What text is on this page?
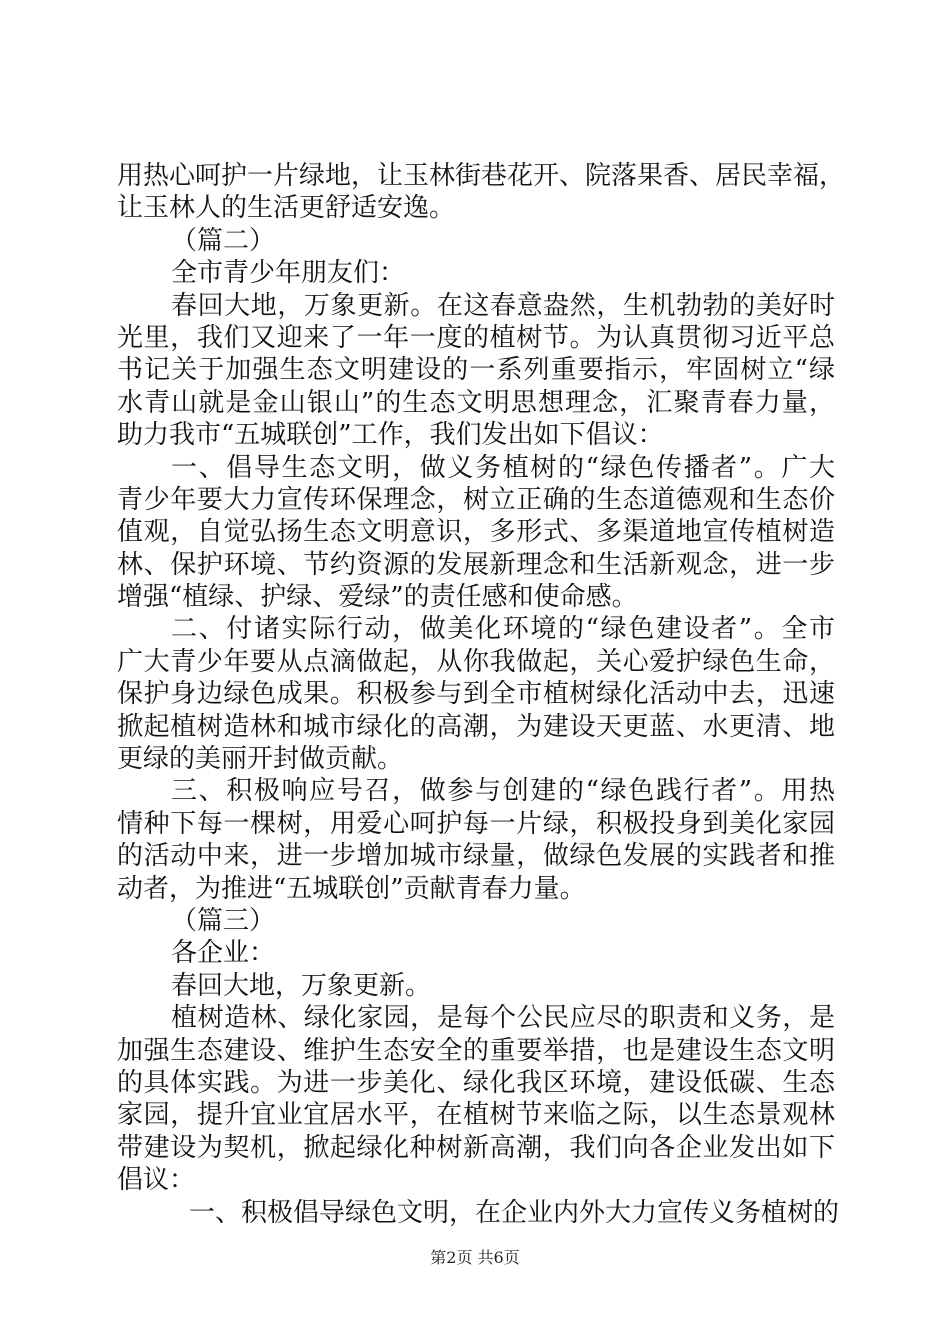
用热心呵护一片绿地，让玉林街巷花开、院落果香、居民幸福，
让玉林人的生活更舒适安逸。
（篇二）
全市青少年朋友们：
春回大地，万象更新。在这春意盎然，生机勃勃的美好时
光里，我们又迎来了一年一度的植树节。为认真贯彻习近平总
书记关于加强生态文明建设的一系列重要指示，牢固树立“绿
水青山就是金山银山”的生态文明思想理念，汇聚青春力量，
助力我市“五城联创”工作，我们发出如下倡议：
一、倡导生态文明，做义务植树的“绿色传播者”。广大
青少年要大力宣传环保理念，树立正确的生态道德观和生态价
值观，自觉弘扬生态文明意识，多形式、多渠道地宣传植树造
林、保护环境、节约资源的发展新理念和生活新观念，进一步
增强“植绿、护绿、爱绿”的责任感和使命感。
二、付诸实际行动，做美化环境的“绿色建设者”。全市
广大青少年要从点滴做起，从你我做起，关心爱护绿色生命，
保护身边绿色成果。积极参与到全市植树绿化活动中去，迅速
掀起植树造林和城市绿化的高潮，为建设天更蓝、水更清、地
更绿的美丽开封做贡献。
三、积极响应号召，做参与创建的“绿色践行者”。用热
情种下每一棵树，用爱心呵护每一片绿，积极投身到美化家园
的活动中来，进一步增加城市绿量，做绿色发展的实践者和推
动者，为推进“五城联创”贡献青春力量。
（篇三）
各企业：
春回大地，万象更新。
植树造林、绿化家园，是每个公民应尽的职责和义务，是
加强生态建设、维护生态安全的重要举措，也是建设生态文明
的具体实践。为进一步美化、绿化我区环境，建设低碳、生态
家园，提升宜业宜居水平，在植树节来临之际，以生态景观林
带建设为契机，掀起绿化种树新高潮，我们向各企业发出如下
倡议：
一、积极倡导绿色文明，在企业内外大力宣传义务植树的
第2页 共6页
